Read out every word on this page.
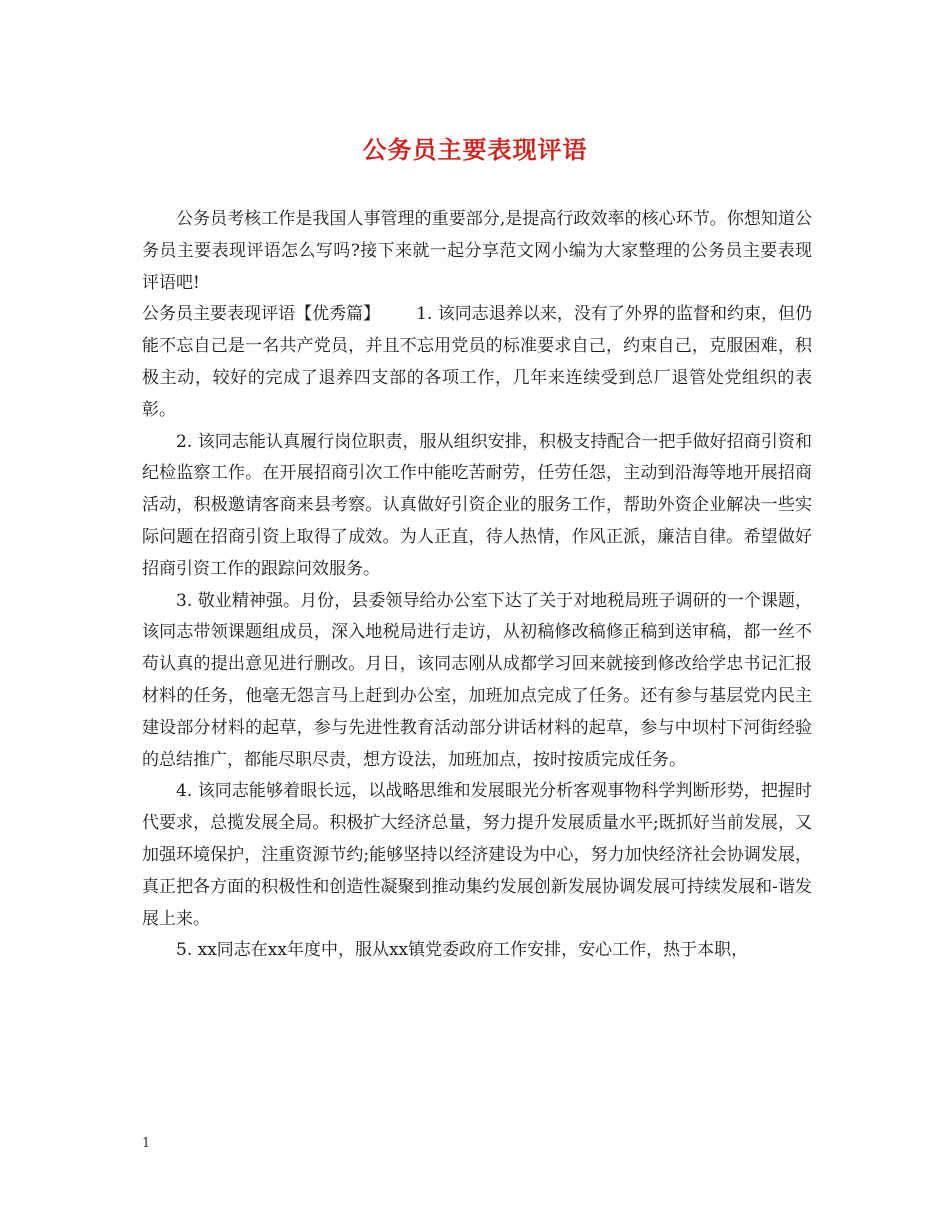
公务员主要表现评语

公务员考核工作是我国人事管理的重要部分,是提高行政效率的核心环节。你想知道公务员主要表现评语怎么写吗?接下来就一起分享范文网小编为大家整理的公务员主要表现评语吧!

公务员主要表现评语【优秀篇】 1. 该同志退养以来，没有了外界的监督和约束，但仍能不忘自己是一名共产党员，并且不忘用党员的标准要求自己，约束自己，克服困难，积极主动，较好的完成了退养四支部的各项工作，几年来连续受到总厂退管处党组织的表彰。

2. 该同志能认真履行岗位职责，服从组织安排，积极支持配合一把手做好招商引资和纪检监察工作。在开展招商引次工作中能吃苦耐劳，任劳任怨，主动到沿海等地开展招商活动，积极邀请客商来县考察。认真做好引资企业的服务工作，帮助外资企业解决一些实际问题在招商引资上取得了成效。为人正直，待人热情，作风正派，廉洁自律。希望做好招商引资工作的跟踪问效服务。

3. 敬业精神强。月份，县委领导给办公室下达了关于对地税局班子调研的一个课题，该同志带领课题组成员，深入地税局进行走访，从初稿修改稿修正稿到送审稿，都一丝不苟认真的提出意见进行删改。月日，该同志刚从成都学习回来就接到修改给学忠书记汇报材料的任务，他毫无怨言马上赶到办公室，加班加点完成了任务。还有参与基层党内民主建设部分材料的起草，参与先进性教育活动部分讲话材料的起草，参与中坝村下河街经验的总结推广，都能尽职尽责，想方设法，加班加点，按时按质完成任务。

4. 该同志能够着眼长远，以战略思维和发展眼光分析客观事物科学判断形势，把握时代要求，总揽发展全局。积极扩大经济总量，努力提升发展质量水平;既抓好当前发展，又加强环境保护，注重资源节约;能够坚持以经济建设为中心，努力加快经济社会协调发展，真正把各方面的积极性和创造性凝聚到推动集约发展创新发展协调发展可持续发展和-谐发展上来。

5. xx同志在xx年度中，服从xx镇党委政府工作安排，安心工作，热于本职，

1
